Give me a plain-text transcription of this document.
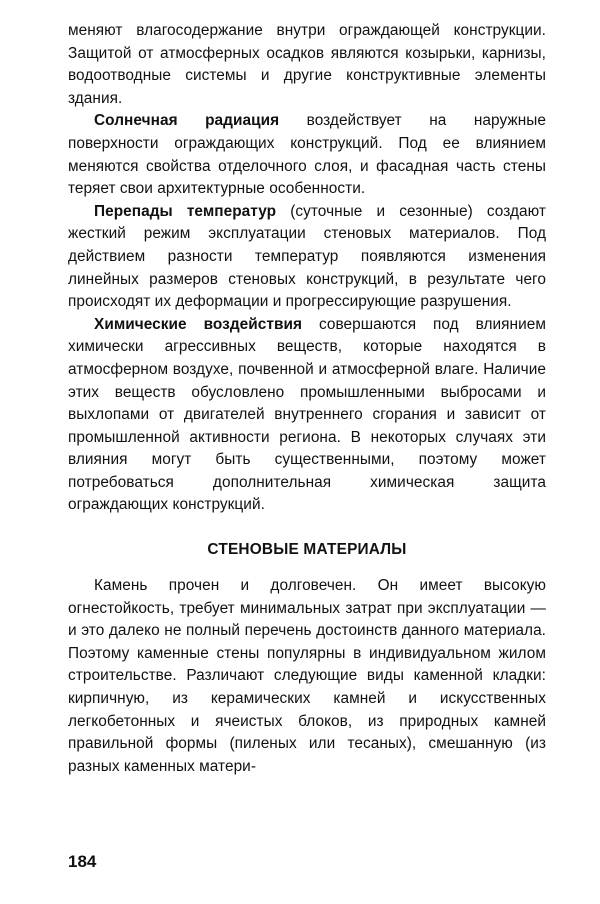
меняют влагосодержание внутри ограждающей конструкции. Защитой от атмосферных осадков являются козырьки, карнизы, водоотводные системы и другие конструктивные элементы здания.

Солнечная радиация воздействует на наружные поверхности ограждающих конструкций. Под ее влиянием меняются свойства отделочного слоя, и фасадная часть стены теряет свои архитектурные особенности.

Перепады температур (суточные и сезонные) создают жесткий режим эксплуатации стеновых материалов. Под действием разности температур появляются изменения линейных размеров стеновых конструкций, в результате чего происходят их деформации и прогрессирующие разрушения.

Химические воздействия совершаются под влиянием химически агрессивных веществ, которые находятся в атмосферном воздухе, почвенной и атмосферной влаге. Наличие этих веществ обусловлено промышленными выбросами и выхлопами от двигателей внутреннего сгорания и зависит от промышленной активности региона. В некоторых случаях эти влияния могут быть существенными, поэтому может потребоваться дополнительная химическая защита ограждающих конструкций.

СТЕНОВЫЕ МАТЕРИАЛЫ

Камень прочен и долговечен. Он имеет высокую огнестойкость, требует минимальных затрат при эксплуатации — и это далеко не полный перечень достоинств данного материала. Поэтому каменные стены популярны в индивидуальном жилом строительстве. Различают следующие виды каменной кладки: кирпичную, из керамических камней и искусственных легкобетонных и ячеистых блоков, из природных камней правильной формы (пиленых или тесаных), смешанную (из разных каменных матери-

184
